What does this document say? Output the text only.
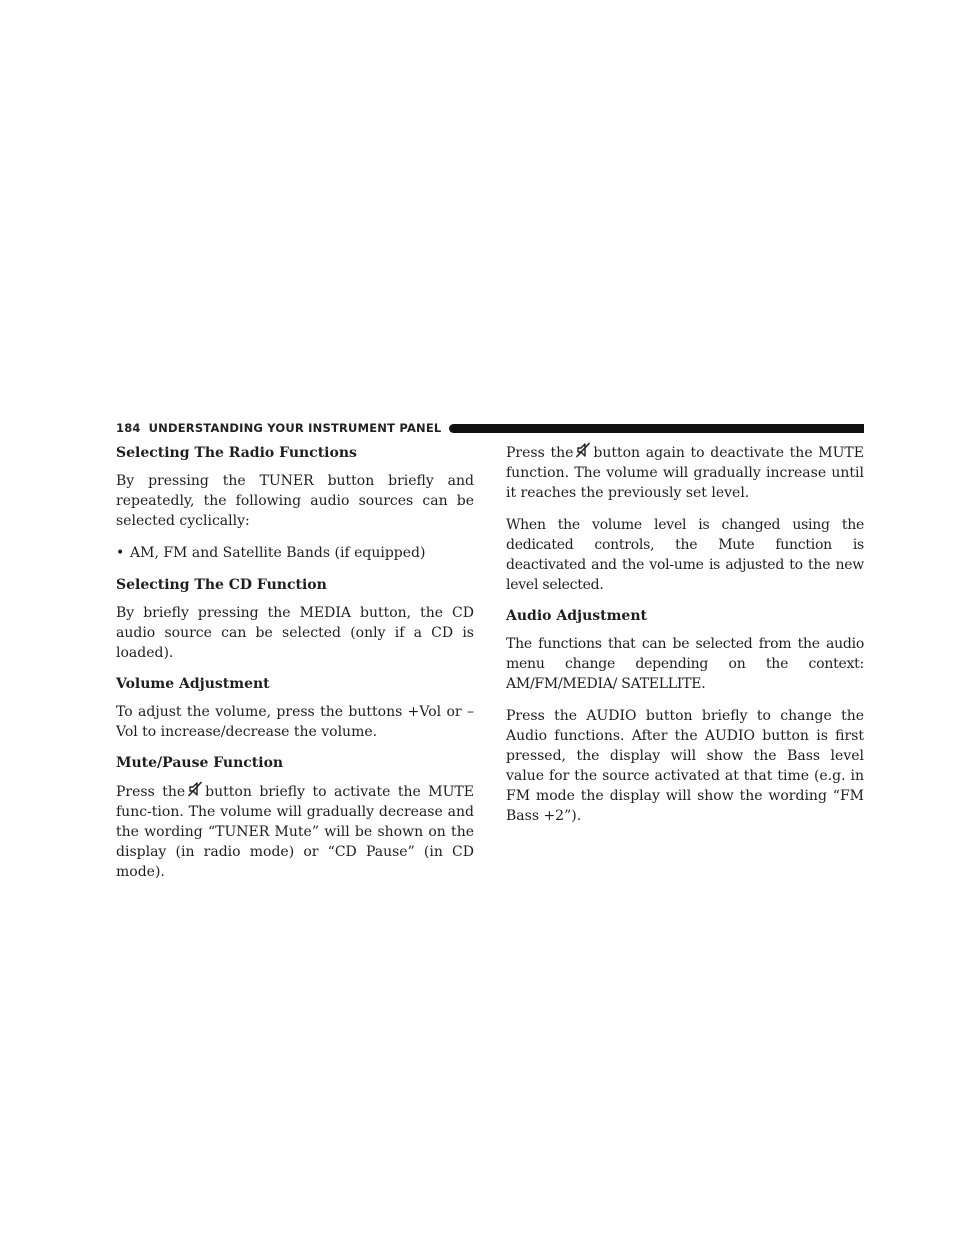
184 UNDERSTANDING YOUR INSTRUMENT PANEL
Selecting The Radio Functions

By pressing the TUNER button briefly and repeatedly, the following audio sources can be selected cyclically:

• AM, FM and Satellite Bands (if equipped)
Selecting The CD Function

By briefly pressing the MEDIA button, the CD audio source can be selected (only if a CD is loaded).

Volume Adjustment

To adjust the volume, press the buttons +Vol or –Vol to increase/decrease the volume.

Mute/Pause Function

Press the button briefly to activate the MUTE func-tion. The volume will gradually decrease and the wording “TUNER Mute” will be shown on the display (in radio mode) or “CD Pause” (in CD mode).

Press the button again to deactivate the MUTE function. The volume will gradually increase until it reaches the previously set level.

When the volume level is changed using the dedicated controls, the Mute function is deactivated and the vol-ume is adjusted to the new level selected.

Audio Adjustment

The functions that can be selected from the audio menu change depending on the context: AM/FM/MEDIA/ SATELLITE.

Press the AUDIO button briefly to change the Audio functions. After the AUDIO button is first pressed, the display will show the Bass level value for the source activated at that time (e.g. in FM mode the display will show the wording “FM Bass +2”).
